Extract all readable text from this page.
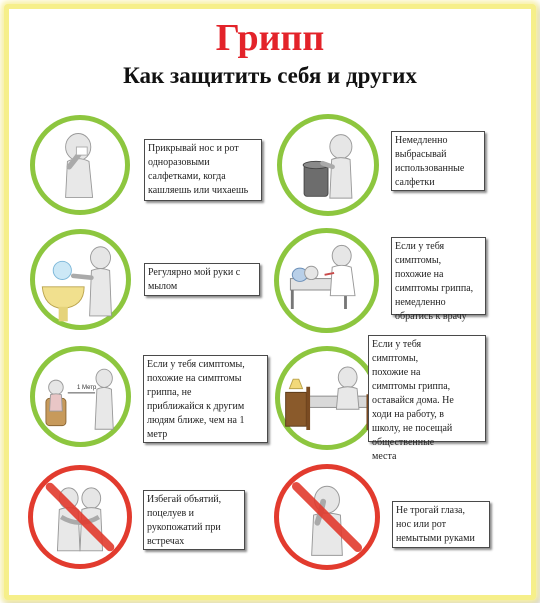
Грипп
Как защитить себя и других
Прикрывай нос и рот
одноразовыми
салфетками, когда
кашляешь или чихаешь
Немедленно
выбрасывай
использованные
салфетки
Регулярно мой руки с
мылом
Если у тебя
симптомы,
похожие на
симптомы гриппа,
немедленно
обратись к врачу
1 Метр
Если у тебя симптомы,
похожие на симптомы
гриппа, не
приближайся к другим
людям ближе, чем на 1
метр
Если у тебя
симптомы,
похожие на
симптомы гриппа,
оставайся дома. Не
ходи на работу, в
школу, не посещай
общественные
места
Избегай объятий,
поцелуев и
рукопожатий при
встречах
Не трогай глаза,
нос или рот
немытыми руками
